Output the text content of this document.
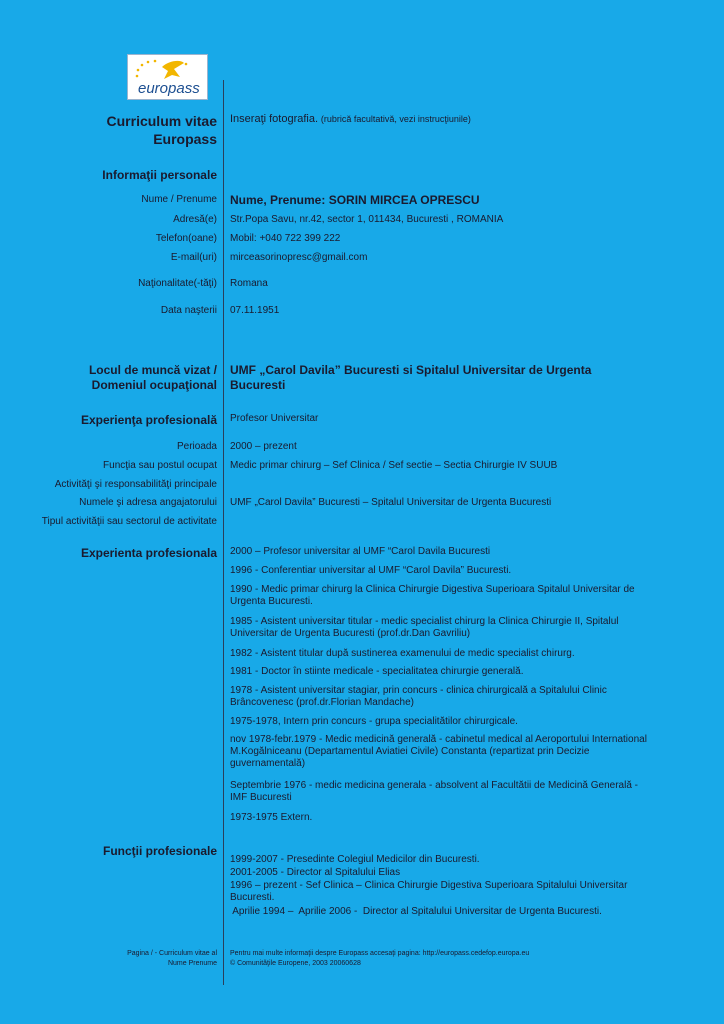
europass
Curriculum vitae
Europass
Inseraţi fotografia. (rubrică facultativă, vezi instrucţiunile)
Informaţii personale
Nume / Prenume Nume, Prenume: SORIN MIRCEA OPRESCU
Adresă(e) Str.Popa Savu, nr.42, sector 1, 011434, Bucuresti , ROMANIA
Telefon(oane) Mobil: +040 722 399 222
E-mail(uri) mirceasorinopresc@gmail.com
Naţionalitate(-tăţi) Romana
Data naşterii 07.11.1951
Locul de muncă vizat /
Domeniul ocupaţional
UMF „Carol Davila” Bucuresti si Spitalul Universitar de Urgenta Bucuresti
Experienţa profesională Profesor Universitar
Perioada 2000 – prezent
Funcţia sau postul ocupat Medic primar chirurg – Sef Clinica / Sef sectie – Sectia Chirurgie IV SUUB
Activităţi şi responsabilităţi principale
Numele şi adresa angajatorului UMF „Carol Davila” Bucuresti – Spitalul Universitar de Urgenta Bucuresti
Tipul activităţii sau sectorul de activitate
Experienta profesionala 2000 – Profesor universitar al UMF “Carol Davila Bucuresti
1996 - Conferentiar universitar al UMF “Carol Davila” Bucuresti.
1990 - Medic primar chirurg la Clinica Chirurgie Digestiva Superioara Spitalul Universitar de Urgenta Bucuresti.
1985 - Asistent universitar titular - medic specialist chirurg la Clinica Chirurgie II, Spitalul Universitar de Urgenta Bucuresti (prof.dr.Dan Gavriliu)
1982 - Asistent titular după sustinerea examenului de medic specialist chirurg.
1981 - Doctor în stiinte medicale - specialitatea chirurgie generală.
1978 - Asistent universitar stagiar, prin concurs - clinica chirurgicală a Spitalului Clinic Brâncovenesc (prof.dr.Florian Mandache)
1975-1978, Intern prin concurs - grupa specialitătilor chirurgicale.
nov 1978-febr.1979 - Medic medicină generală - cabinetul medical al Aeroportului International M.Kogălniceanu (Departamentul Aviatiei Civile) Constanta (repartizat prin Decizie guvernamentală)
Septembrie 1976 - medic medicina generala - absolvent al Facultătii de Medicină Generală - IMF Bucuresti
1973-1975 Extern.
Funcţii profesionale
1999-2007 - Presedinte Colegiul Medicilor din Bucuresti.
2001-2005 - Director al Spitalului Elias
1996 – prezent - Sef Clinica – Clinica Chirurgie Digestiva Superioara Spitalului Universitar Bucuresti.
Aprilie 1994 –  Aprilie 2006 -  Director al Spitalului Universitar de Urgenta Bucuresti.
Pagina / - Curriculum vitae al
Nume Prenume
Pentru mai multe informaţii despre Europass accesaţi pagina: http://europass.cedefop.europa.eu
© Comunităţile Europene, 2003 20060628
